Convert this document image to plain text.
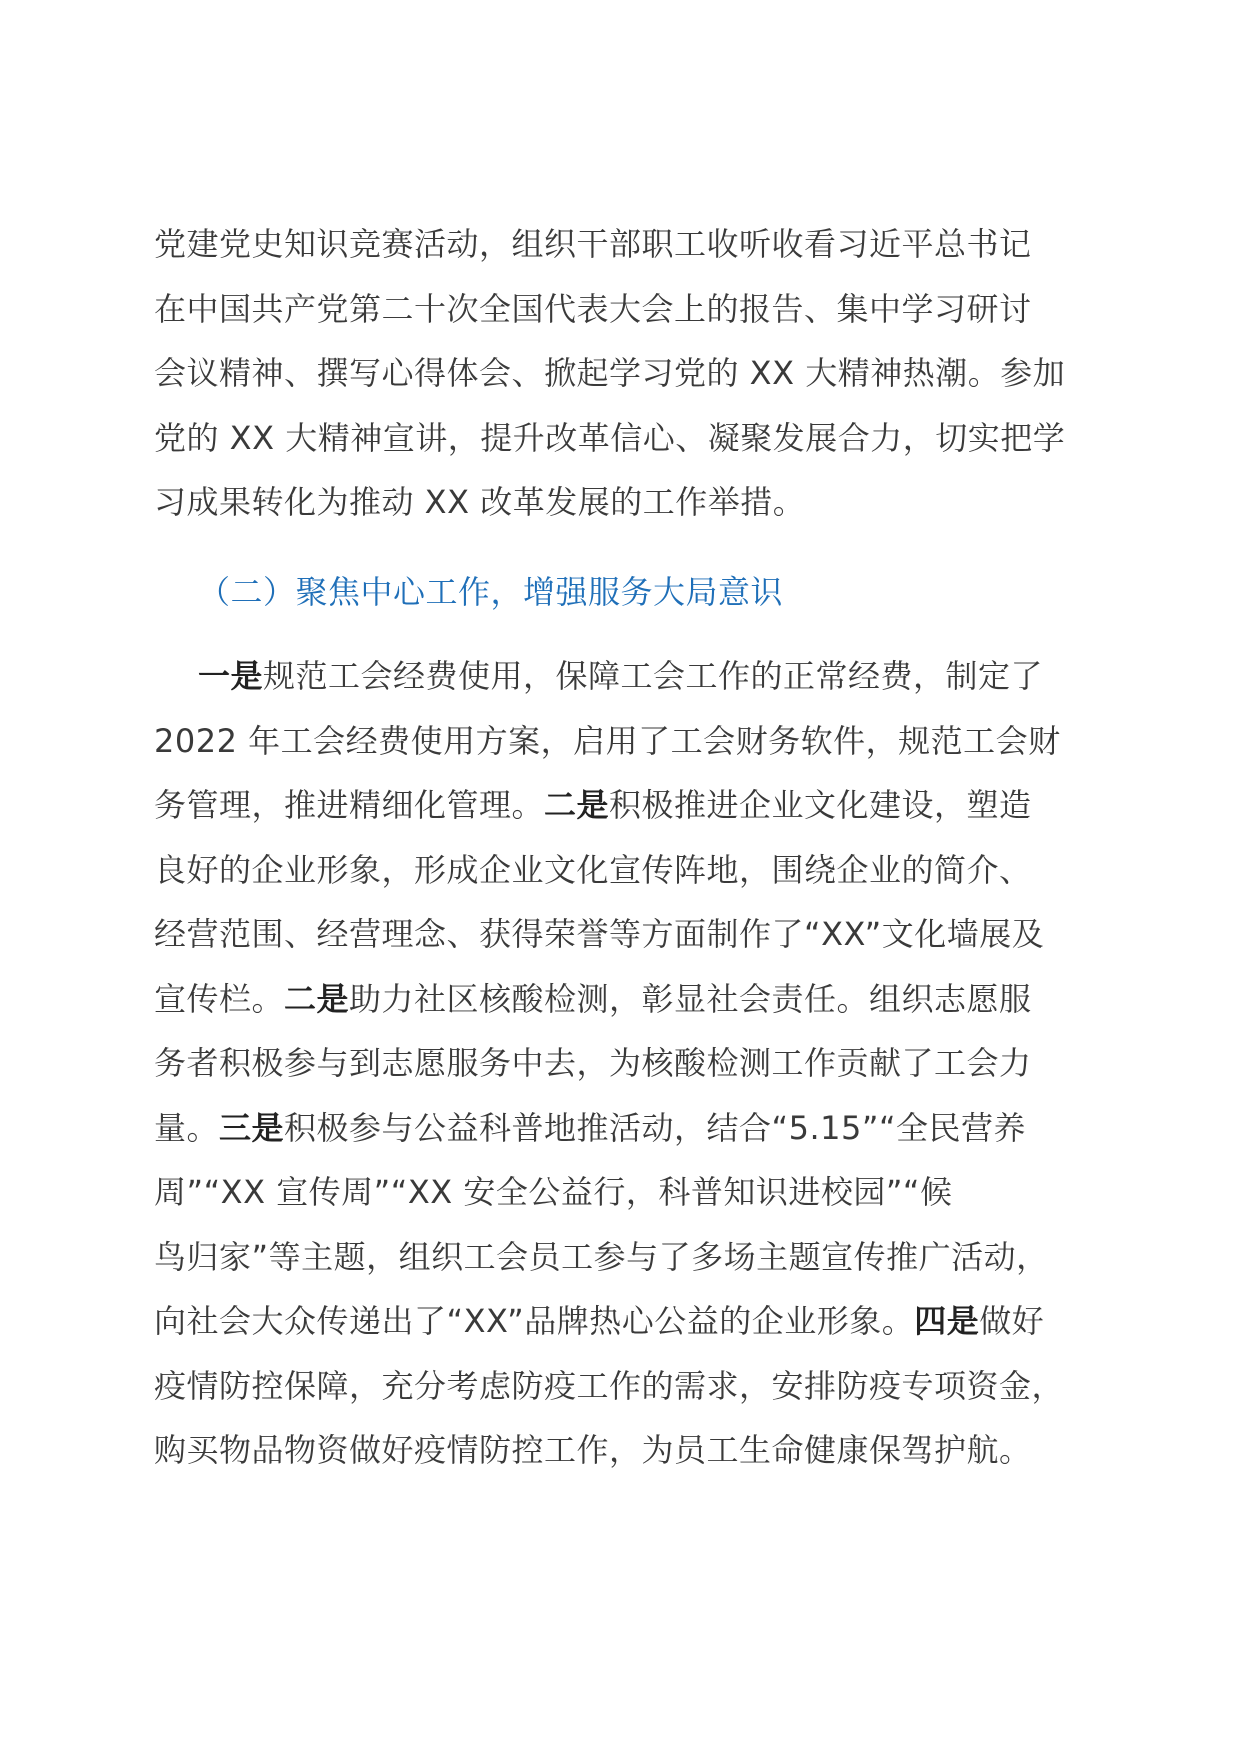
党建党史知识竞赛活动，组织干部职工收听收看习近平总书记
在中国共产党第二十次全国代表大会上的报告、集中学习研讨
会议精神、撰写心得体会、掀起学习党的 XX 大精神热潮。参加
党的 XX 大精神宣讲，提升改革信心、凝聚发展合力，切实把学
习成果转化为推动 XX 改革发展的工作举措。
（二）聚焦中心工作，增强服务大局意识
一是规范工会经费使用，保障工会工作的正常经费，制定了
2022 年工会经费使用方案，启用了工会财务软件，规范工会财
务管理，推进精细化管理。二是积极推进企业文化建设，塑造
良好的企业形象，形成企业文化宣传阵地，围绕企业的简介、
经营范围、经营理念、获得荣誉等方面制作了“XX”文化墙展及
宣传栏。二是助力社区核酸检测，彰显社会责任。组织志愿服
务者积极参与到志愿服务中去，为核酸检测工作贡献了工会力
量。三是积极参与公益科普地推活动，结合“5.15”“全民营养
周”“XX 宣传周”“XX 安全公益行，科普知识进校园”“候
鸟归家”等主题，组织工会员工参与了多场主题宣传推广活动，
向社会大众传递出了“XX”品牌热心公益的企业形象。四是做好
疫情防控保障，充分考虑防疫工作的需求，安排防疫专项资金，
购买物品物资做好疫情防控工作，为员工生命健康保驾护航。
